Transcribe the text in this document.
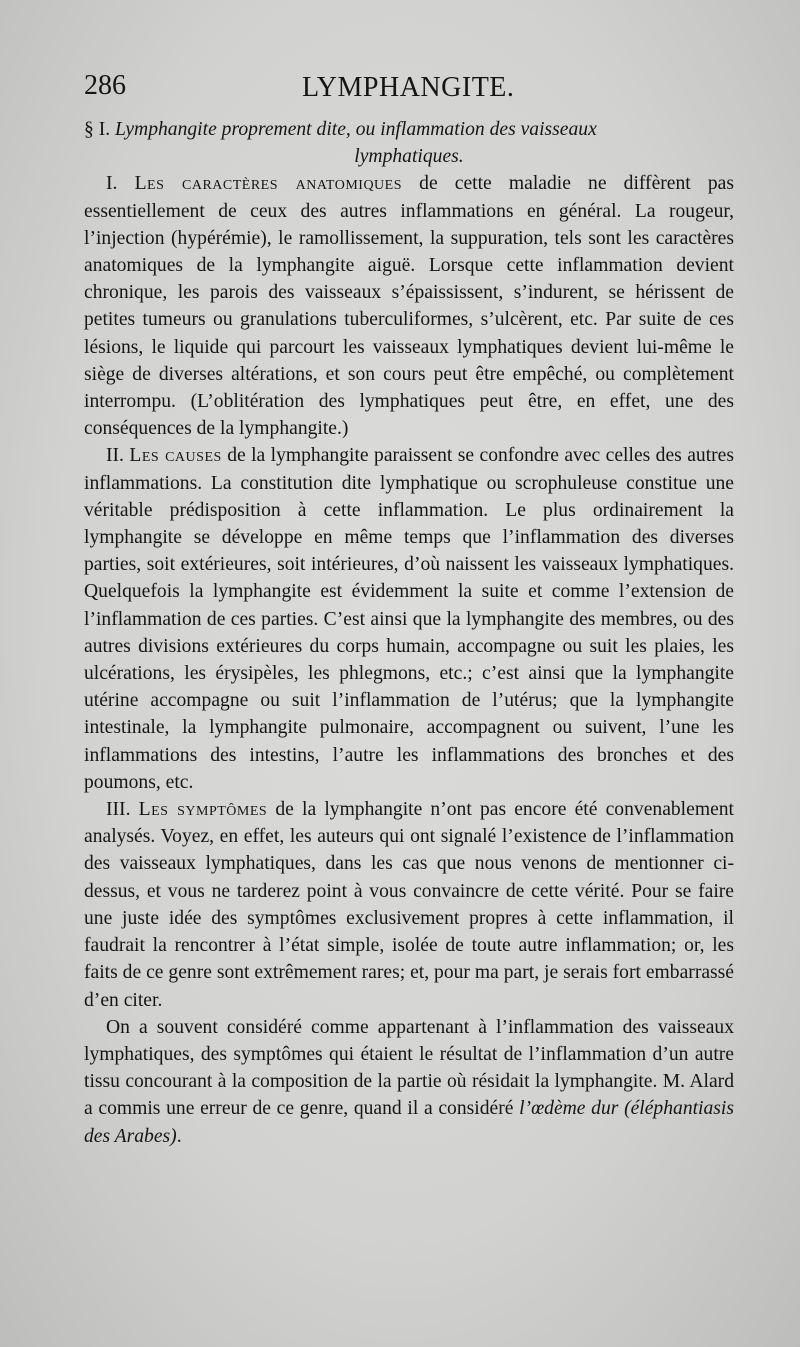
286	LYMPHANGITE.

§ I. Lymphangite proprement dite, ou inflammation des vaisseaux

lymphatiques.

I. Les caractères anatomiques de cette maladie ne diffèrent pas essentiellement de ceux des autres inflammations en général. La rougeur, l’injection (hypérémie), le ramollissement, la suppuration, tels sont les caractères anatomiques de la lymphangite aiguë. Lorsque cette inflammation devient chronique, les parois des vaisseaux s’épaississent, s’indurent, se hérissent de petites tumeurs ou granulations tuberculiformes, s’ulcèrent, etc. Par suite de ces lésions, le liquide qui parcourt les vaisseaux lymphatiques devient lui-même le siège de diverses altérations, et son cours peut être empêché, ou complètement interrompu. (L’oblitération des lymphatiques peut être, en effet, une des conséquences de la lymphangite.)

II. Les causes de la lymphangite paraissent se confondre avec celles des autres inflammations. La constitution dite lymphatique ou scrophuleuse constitue une véritable prédisposition à cette inflammation. Le plus ordinairement la lymphangite se développe en même temps que l’inflammation des diverses parties, soit extérieures, soit intérieures, d’où naissent les vaisseaux lymphatiques. Quelquefois la lymphangite est évidemment la suite et comme l’extension de l’inflammation de ces parties. C’est ainsi que la lymphangite des membres, ou des autres divisions extérieures du corps humain, accompagne ou suit les plaies, les ulcérations, les érysipèles, les phlegmons, etc.; c’est ainsi que la lymphangite utérine accompagne ou suit l’inflammation de l’utérus; que la lymphangite intestinale, la lymphangite pulmonaire, accompagnent ou suivent, l’une les inflammations des intestins, l’autre les inflammations des bronches et des poumons, etc.

III. Les symptômes de la lymphangite n’ont pas encore été convenablement analysés. Voyez, en effet, les auteurs qui ont signalé l’existence de l’inflammation des vaisseaux lymphatiques, dans les cas que nous venons de mentionner ci-dessus, et vous ne tarderez point à vous convaincre de cette vérité. Pour se faire une juste idée des symptômes exclusivement propres à cette inflammation, il faudrait la rencontrer à l’état simple, isolée de toute autre inflammation; or, les faits de ce genre sont extrêmement rares; et, pour ma part, je serais fort embarrassé d’en citer.

On a souvent considéré comme appartenant à l’inflammation des vaisseaux lymphatiques, des symptômes qui étaient le résultat de l’inflammation d’un autre tissu concourant à la composition de la partie où résidait la lymphangite. M. Alard a commis une erreur de ce genre, quand il a considéré l’œdème dur (éléphantiasis des Arabes).
